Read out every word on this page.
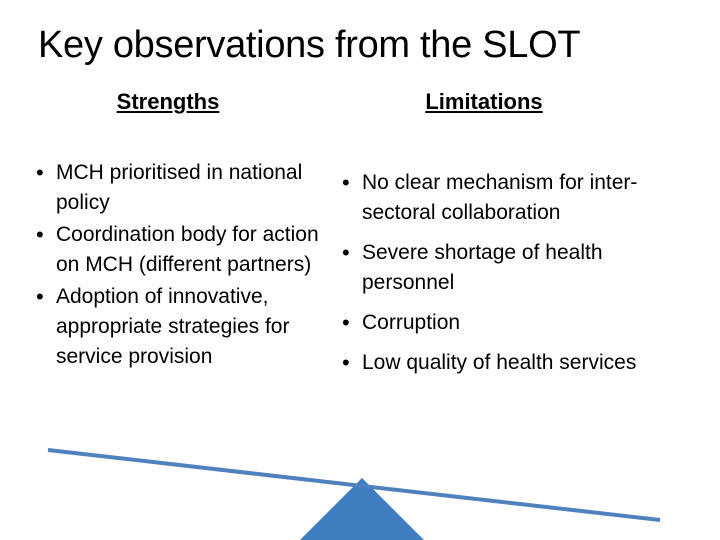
Key observations from the SLOT
Strengths
• MCH prioritised in national policy
• Coordination body for action on MCH (different partners)
• Adoption of innovative, appropriate strategies for service provision
Limitations
• No clear mechanism for inter-sectoral collaboration
• Severe shortage of health personnel
• Corruption
• Low quality of health services
